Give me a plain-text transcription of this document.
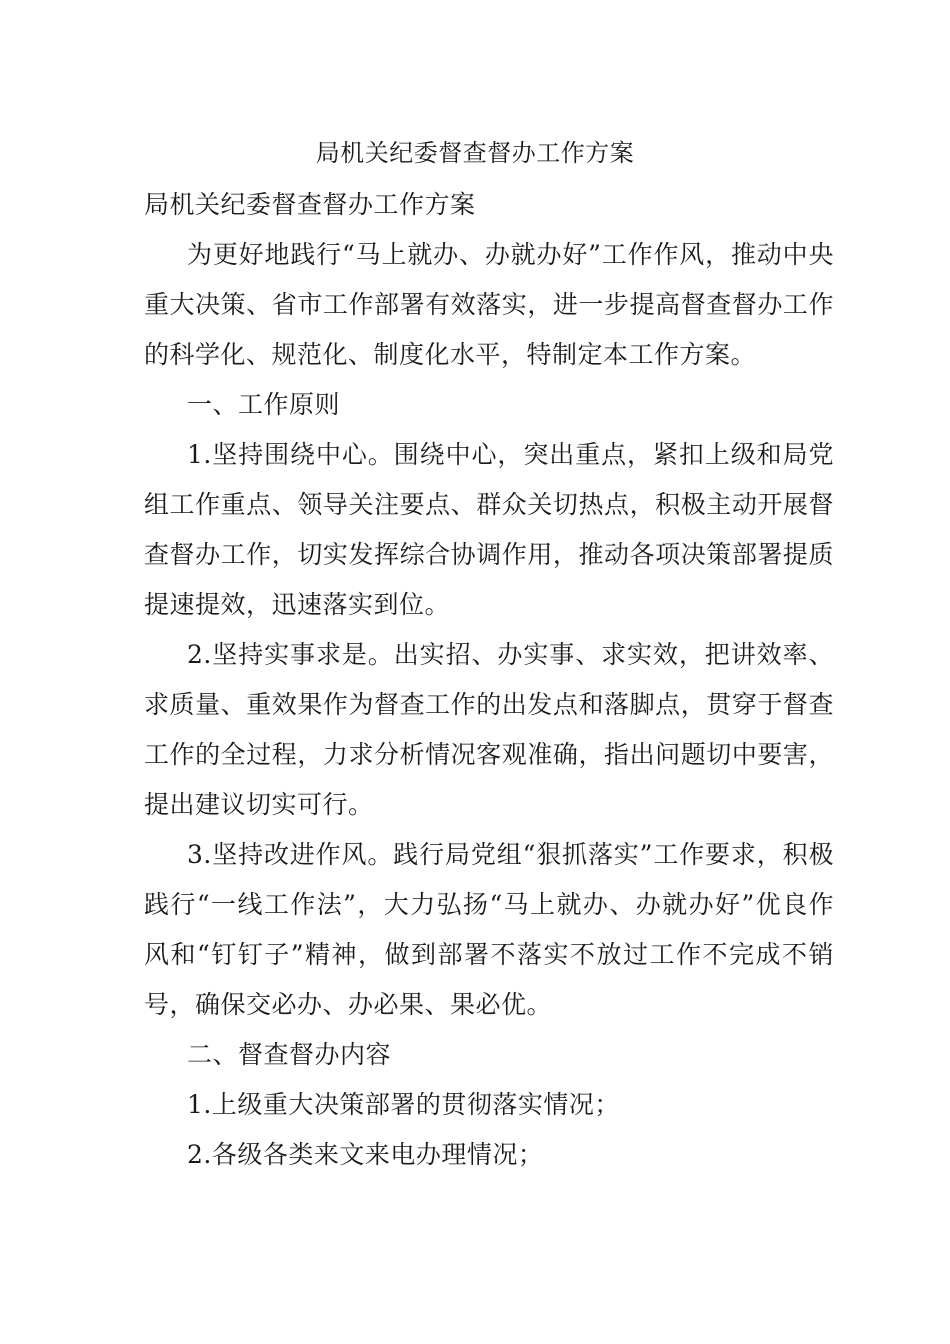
局机关纪委督查督办工作方案

局机关纪委督查督办工作方案

为更好地践行“马上就办、办就办好”工作作风，推动中央重大决策、省市工作部署有效落实，进一步提高督查督办工作的科学化、规范化、制度化水平，特制定本工作方案。

一、工作原则

1.坚持围绕中心。围绕中心，突出重点，紧扣上级和局党组工作重点、领导关注要点、群众关切热点，积极主动开展督查督办工作，切实发挥综合协调作用，推动各项决策部署提质提速提效，迅速落实到位。

2.坚持实事求是。出实招、办实事、求实效，把讲效率、求质量、重效果作为督查工作的出发点和落脚点，贯穿于督查工作的全过程，力求分析情况客观准确，指出问题切中要害，提出建议切实可行。

3.坚持改进作风。践行局党组“狠抓落实”工作要求，积极践行“一线工作法”，大力弘扬“马上就办、办就办好”优良作风和“钉钉子”精神，做到部署不落实不放过工作不完成不销号，确保交必办、办必果、果必优。

二、督查督办内容

1.上级重大决策部署的贯彻落实情况；

2.各级各类来文来电办理情况；
